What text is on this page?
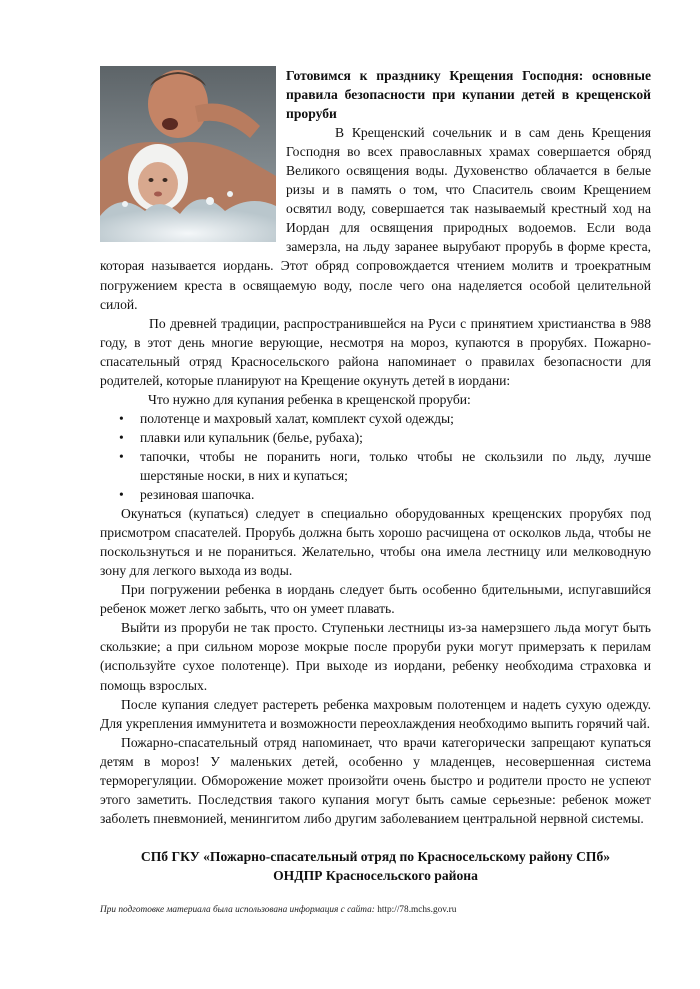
Готовимся к празднику Крещения Господня: основные правила безопасности при купании детей в крещенской проруби

В Крещенский сочельник и в сам день Крещения Господня во всех православных храмах совершается обряд Великого освящения воды. Духовенство облачается в белые ризы и в память о том, что Спаситель своим Крещением освятил воду, совершается так называемый крестный ход на Иордан для освящения природных водоемов. Если вода замерзла, на льду заранее вырубают прорубь в форме креста, которая называется иордань. Этот обряд сопровождается чтением молитв и троекратным погружением креста в освящаемую воду, после чего она наделяется особой целительной силой.

По древней традиции, распространившейся на Руси с принятием христианства в 988 году, в этот день многие верующие, несмотря на мороз, купаются в прорубях. Пожарно-спасательный отряд Красносельского района напоминает о правилах безопасности для родителей, которые планируют на Крещение окунуть детей в иордани:

Что нужно для купания ребенка в крещенской проруби:
• полотенце и махровый халат, комплект сухой одежды;
• плавки или купальник (белье, рубаха);
• тапочки, чтобы не поранить ноги, только чтобы не скользили по льду, лучше шерстяные носки, в них и купаться;
• резиновая шапочка.

Окунаться (купаться) следует в специально оборудованных крещенских прорубях под присмотром спасателей. Прорубь должна быть хорошо расчищена от осколков льда, чтобы не поскользнуться и не пораниться. Желательно, чтобы она имела лестницу или мелководную зону для легкого выхода из воды.

При погружении ребенка в иордань следует быть особенно бдительными, испугавшийся ребенок может легко забыть, что он умеет плавать.

Выйти из проруби не так просто. Ступеньки лестницы из-за намерзшего льда могут быть скользкие; а при сильном морозе мокрые после проруби руки могут примерзать к перилам (используйте сухое полотенце). При выходе из иордани, ребенку необходима страховка и помощь взрослых.

После купания следует растереть ребенка махровым полотенцем и надеть сухую одежду. Для укрепления иммунитета и возможности переохлаждения необходимо выпить горячий чай.

Пожарно-спасательный отряд напоминает, что врачи категорически запрещают купаться детям в мороз! У маленьких детей, особенно у младенцев, несовершенная система терморегуляции. Обморожение может произойти очень быстро и родители просто не успеют этого заметить. Последствия такого купания могут быть самые серьезные: ребенок может заболеть пневмонией, менингитом либо другим заболеванием центральной нервной системы.

СПб ГКУ «Пожарно-спасательный отряд по Красносельскому району СПб»
ОНДПР Красносельского района
При подготовке материала была использована информация с сайта: http://78.mchs.gov.ru
